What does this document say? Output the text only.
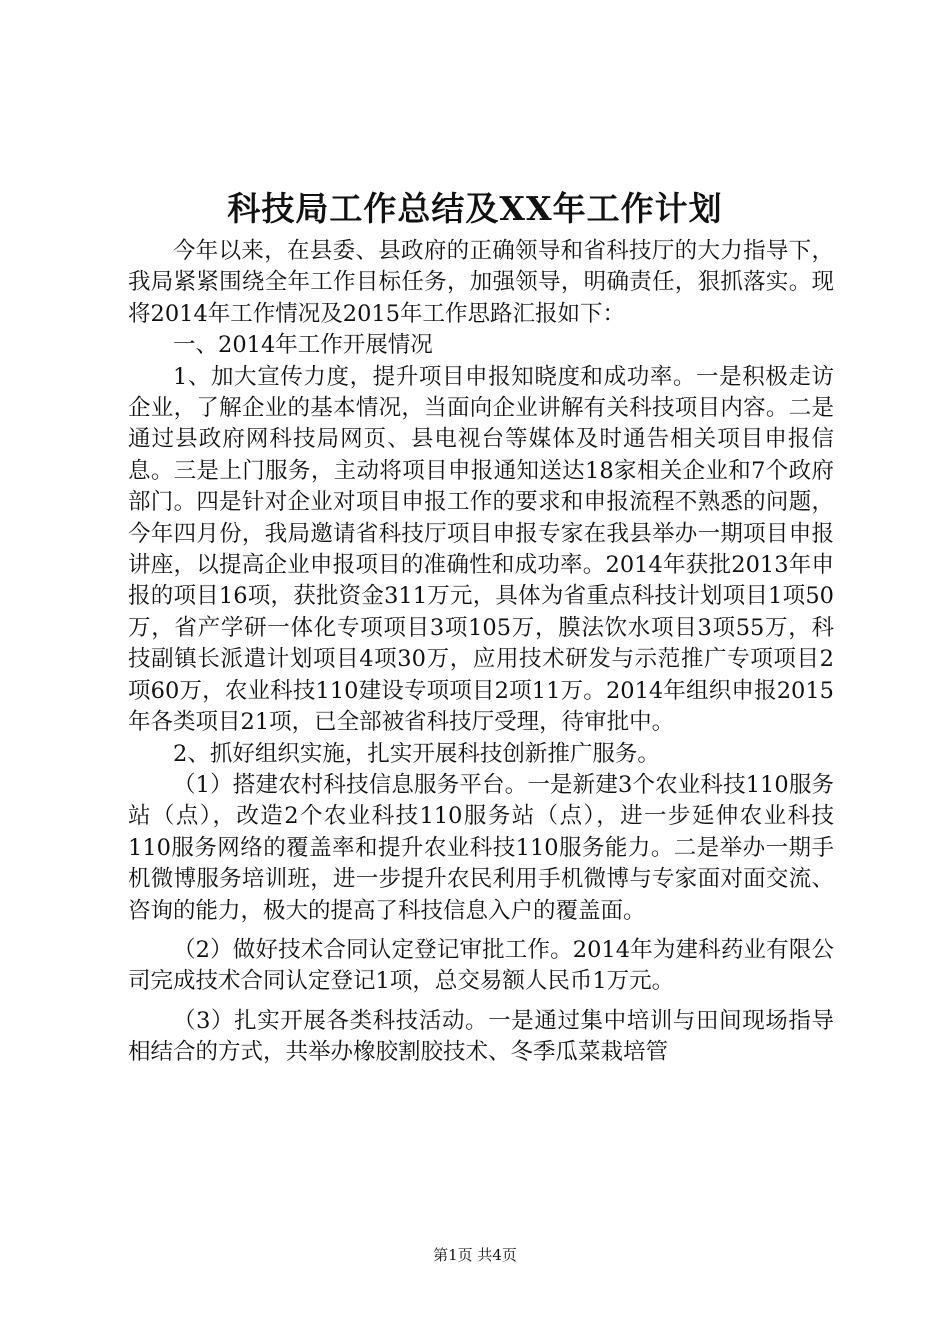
科技局工作总结及XX年工作计划

今年以来，在县委、县政府的正确领导和省科技厅的大力指导下，我局紧紧围绕全年工作目标任务，加强领导，明确责任，狠抓落实。现将2014年工作情况及2015年工作思路汇报如下：

一、2014年工作开展情况

1、加大宣传力度，提升项目申报知晓度和成功率。一是积极走访企业，了解企业的基本情况，当面向企业讲解有关科技项目内容。二是通过县政府网科技局网页、县电视台等媒体及时通告相关项目申报信息。三是上门服务，主动将项目申报通知送达18家相关企业和7个政府部门。四是针对企业对项目申报工作的要求和申报流程不熟悉的问题，今年四月份，我局邀请省科技厅项目申报专家在我县举办一期项目申报讲座，以提高企业申报项目的准确性和成功率。2014年获批2013年申报的项目16项，获批资金311万元，具体为省重点科技计划项目1项50万，省产学研一体化专项项目3项105万，膜法饮水项目3项55万，科技副镇长派遣计划项目4项30万，应用技术研发与示范推广专项项目2项60万，农业科技110建设专项项目2项11万。2014年组织申报2015年各类项目21项，已全部被省科技厅受理，待审批中。

2、抓好组织实施，扎实开展科技创新推广服务。

（1）搭建农村科技信息服务平台。一是新建3个农业科技110服务站（点），改造2个农业科技110服务站（点），进一步延伸农业科技110服务网络的覆盖率和提升农业科技110服务能力。二是举办一期手机微博服务培训班，进一步提升农民利用手机微博与专家面对面交流、咨询的能力，极大的提高了科技信息入户的覆盖面。

（2）做好技术合同认定登记审批工作。2014年为建科药业有限公司完成技术合同认定登记1项，总交易额人民币1万元。

（3）扎实开展各类科技活动。一是通过集中培训与田间现场指导相结合的方式，共举办橡胶割胶技术、冬季瓜菜栽培管

第1页 共4页
